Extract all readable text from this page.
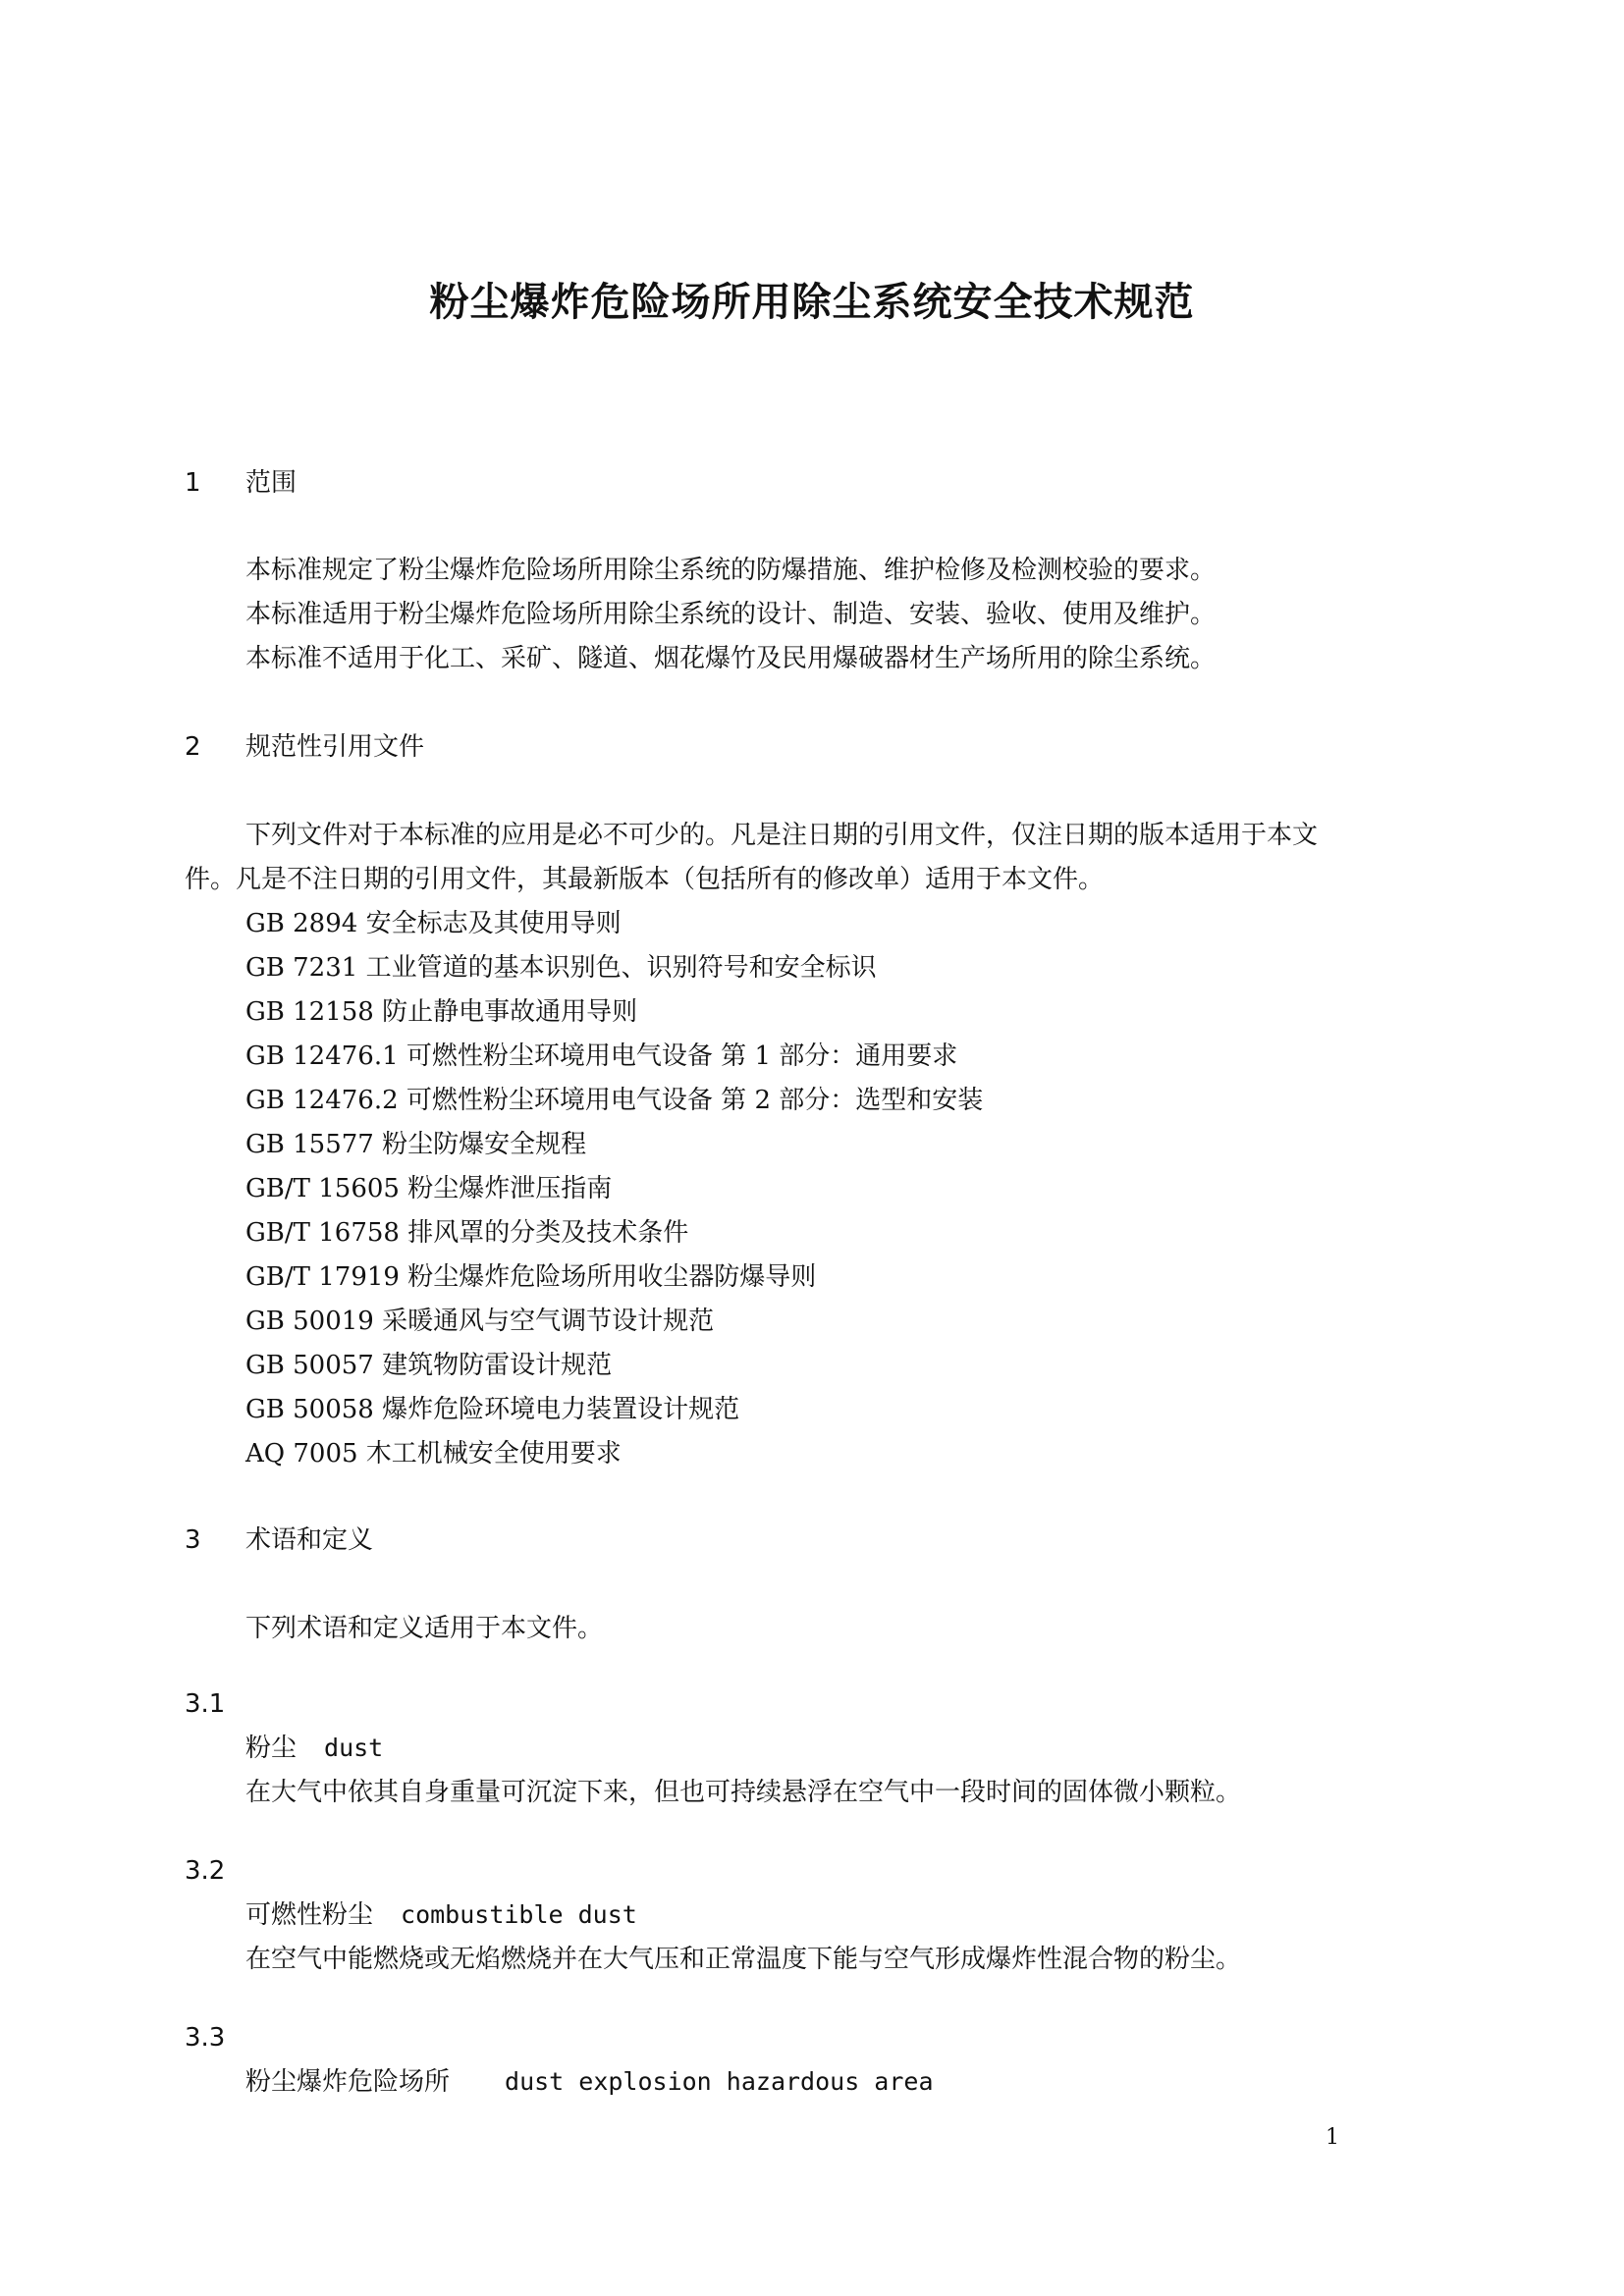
粉尘爆炸危险场所用除尘系统安全技术规范
1 范围
本标准规定了粉尘爆炸危险场所用除尘系统的防爆措施、维护检修及检测校验的要求。
本标准适用于粉尘爆炸危险场所用除尘系统的设计、制造、安装、验收、使用及维护。
本标准不适用于化工、采矿、隧道、烟花爆竹及民用爆破器材生产场所用的除尘系统。
2 规范性引用文件
下列文件对于本标准的应用是必不可少的。凡是注日期的引用文件，仅注日期的版本适用于本文
件。凡是不注日期的引用文件，其最新版本（包括所有的修改单）适用于本文件。
GB 2894 安全标志及其使用导则
GB 7231 工业管道的基本识别色、识别符号和安全标识
GB 12158 防止静电事故通用导则
GB 12476.1 可燃性粉尘环境用电气设备 第 1 部分：通用要求
GB 12476.2 可燃性粉尘环境用电气设备 第 2 部分：选型和安装
GB 15577 粉尘防爆安全规程
GB/T 15605 粉尘爆炸泄压指南
GB/T 16758 排风罩的分类及技术条件
GB/T 17919 粉尘爆炸危险场所用收尘器防爆导则
GB 50019 采暖通风与空气调节设计规范
GB 50057 建筑物防雷设计规范
GB 50058 爆炸危险环境电力装置设计规范
AQ 7005 木工机械安全使用要求
3 术语和定义
下列术语和定义适用于本文件。
3.1
粉尘 dust
在大气中依其自身重量可沉淀下来，但也可持续悬浮在空气中一段时间的固体微小颗粒。
3.2
可燃性粉尘 combustible dust
在空气中能燃烧或无焰燃烧并在大气压和正常温度下能与空气形成爆炸性混合物的粉尘。
3.3
粉尘爆炸危险场所 dust explosion hazardous area
1
